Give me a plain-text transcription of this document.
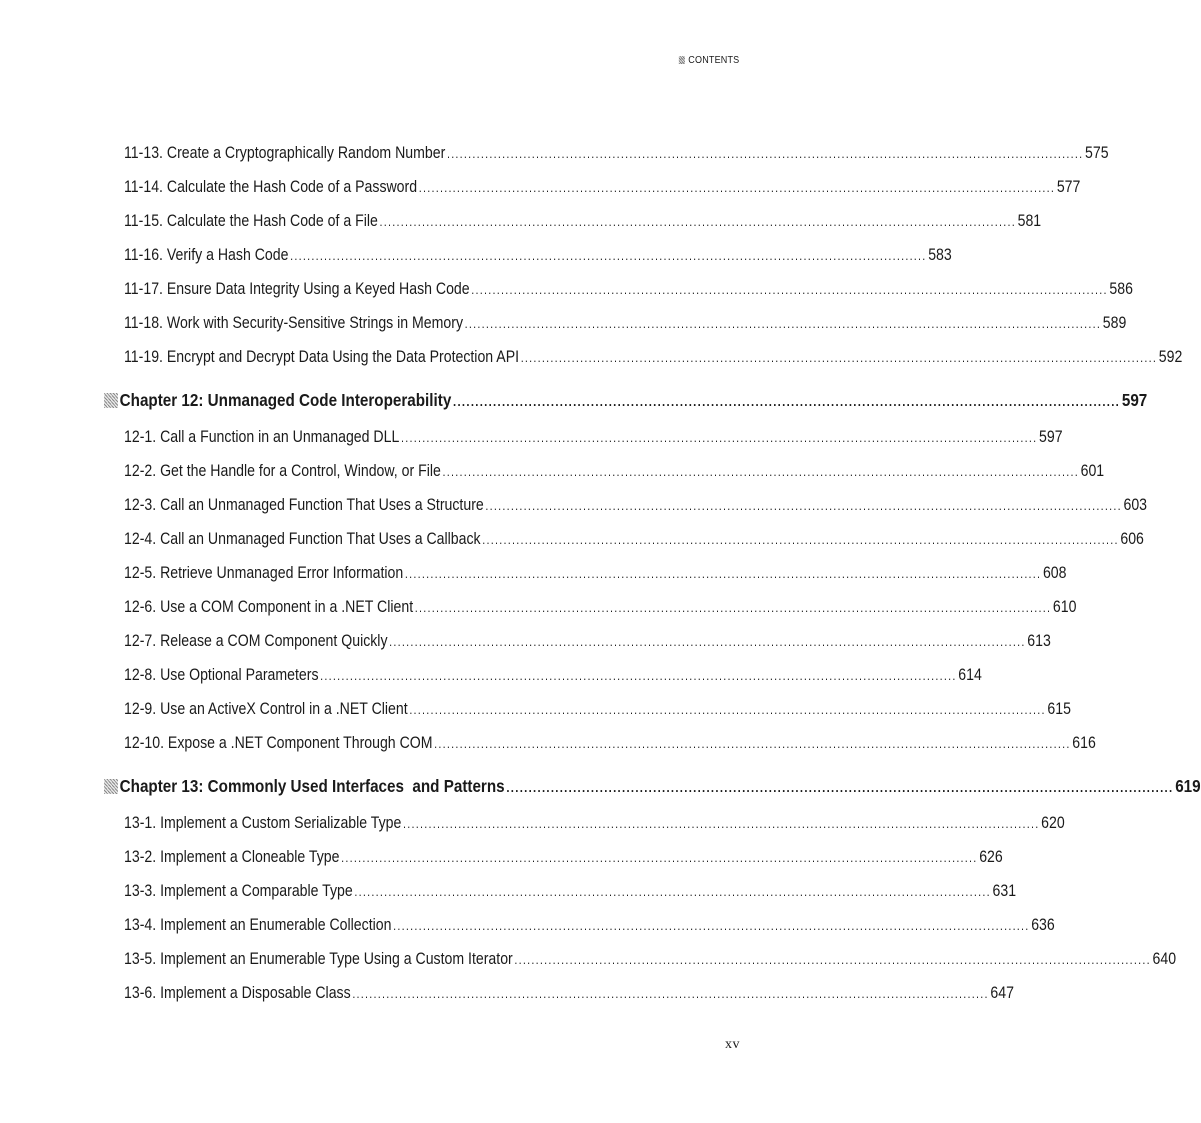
CONTENTS
11-13. Create a Cryptographically Random Number ...................................................................................................................................................... 575
11-14. Calculate the Hash Code of a Password ...................................................................................................................................................... 577
11-15. Calculate the Hash Code of a File ...................................................................................................................................................... 581
11-16. Verify a Hash Code ...................................................................................................................................................... 583
11-17. Ensure Data Integrity Using a Keyed Hash Code ...................................................................................................................................................... 586
11-18. Work with Security-Sensitive Strings in Memory ...................................................................................................................................................... 589
11-19. Encrypt and Decrypt Data Using the Data Protection API ...................................................................................................................................................... 592
Chapter 12: Unmanaged Code Interoperability ...................................................................................................................................................... 597
12-1. Call a Function in an Unmanaged DLL ...................................................................................................................................................... 597
12-2. Get the Handle for a Control, Window, or File ...................................................................................................................................................... 601
12-3. Call an Unmanaged Function That Uses a Structure ...................................................................................................................................................... 603
12-4. Call an Unmanaged Function That Uses a Callback ...................................................................................................................................................... 606
12-5. Retrieve Unmanaged Error Information ...................................................................................................................................................... 608
12-6. Use a COM Component in a .NET Client ...................................................................................................................................................... 610
12-7. Release a COM Component Quickly ...................................................................................................................................................... 613
12-8. Use Optional Parameters ...................................................................................................................................................... 614
12-9. Use an ActiveX Control in a .NET Client ...................................................................................................................................................... 615
12-10. Expose a .NET Component Through COM ...................................................................................................................................................... 616
Chapter 13: Commonly Used Interfaces  and Patterns ...................................................................................................................................................... 619
13-1. Implement a Custom Serializable Type ...................................................................................................................................................... 620
13-2. Implement a Cloneable Type ...................................................................................................................................................... 626
13-3. Implement a Comparable Type ...................................................................................................................................................... 631
13-4. Implement an Enumerable Collection ...................................................................................................................................................... 636
13-5. Implement an Enumerable Type Using a Custom Iterator ...................................................................................................................................................... 640
13-6. Implement a Disposable Class ...................................................................................................................................................... 647
xv
